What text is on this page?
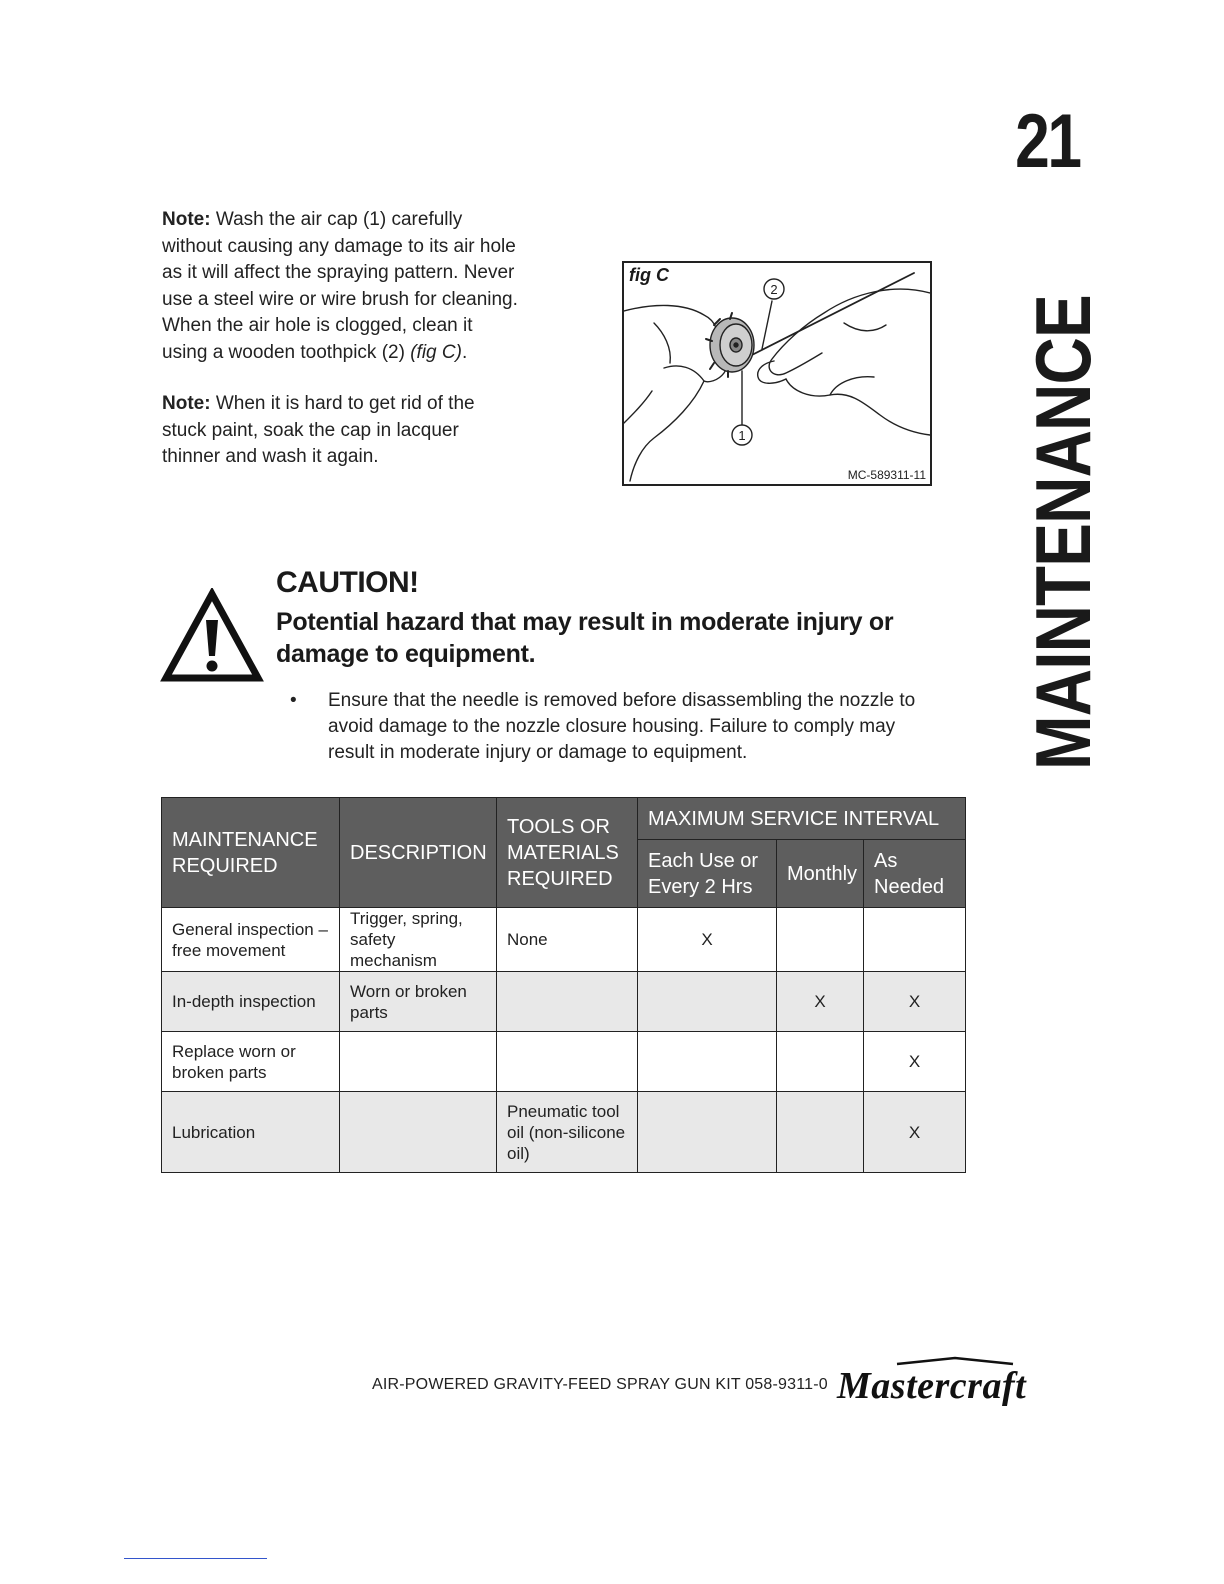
21
MAINTENANCE

Note: Wash the air cap (1) carefully without causing any damage to its air hole as it will affect the spraying pattern. Never use a steel wire or wire brush for cleaning. When the air hole is clogged, clean it using a wooden toothpick (2) (fig C).

Note: When it is hard to get rid of the stuck paint, soak the cap in lacquer thinner and wash it again.

1
2
fig C
MC-589311-11
CAUTION!
Potential hazard that may result in moderate injury or damage to equipment.
• Ensure that the needle is removed before disassembling the nozzle to avoid damage to the nozzle closure housing. Failure to comply may result in moderate injury or damage to equipment.
MAINTENANCE REQUIRED	DESCRIPTION	TOOLS OR MATERIALS REQUIRED	MAXIMUM SERVICE INTERVAL		
			Each Use or Every 2 Hrs	Monthly	As Needed
General inspection – free movement	Trigger, spring, safety mechanism	None	X		
In-depth inspection	Worn or broken parts			X	X
Replace worn or broken parts					X
Lubrication		Pneumatic tool oil (non-silicone oil)			X
AIR-POWERED GRAVITY-FEED SPRAY GUN KIT 058-9311-0 Mastercraft
